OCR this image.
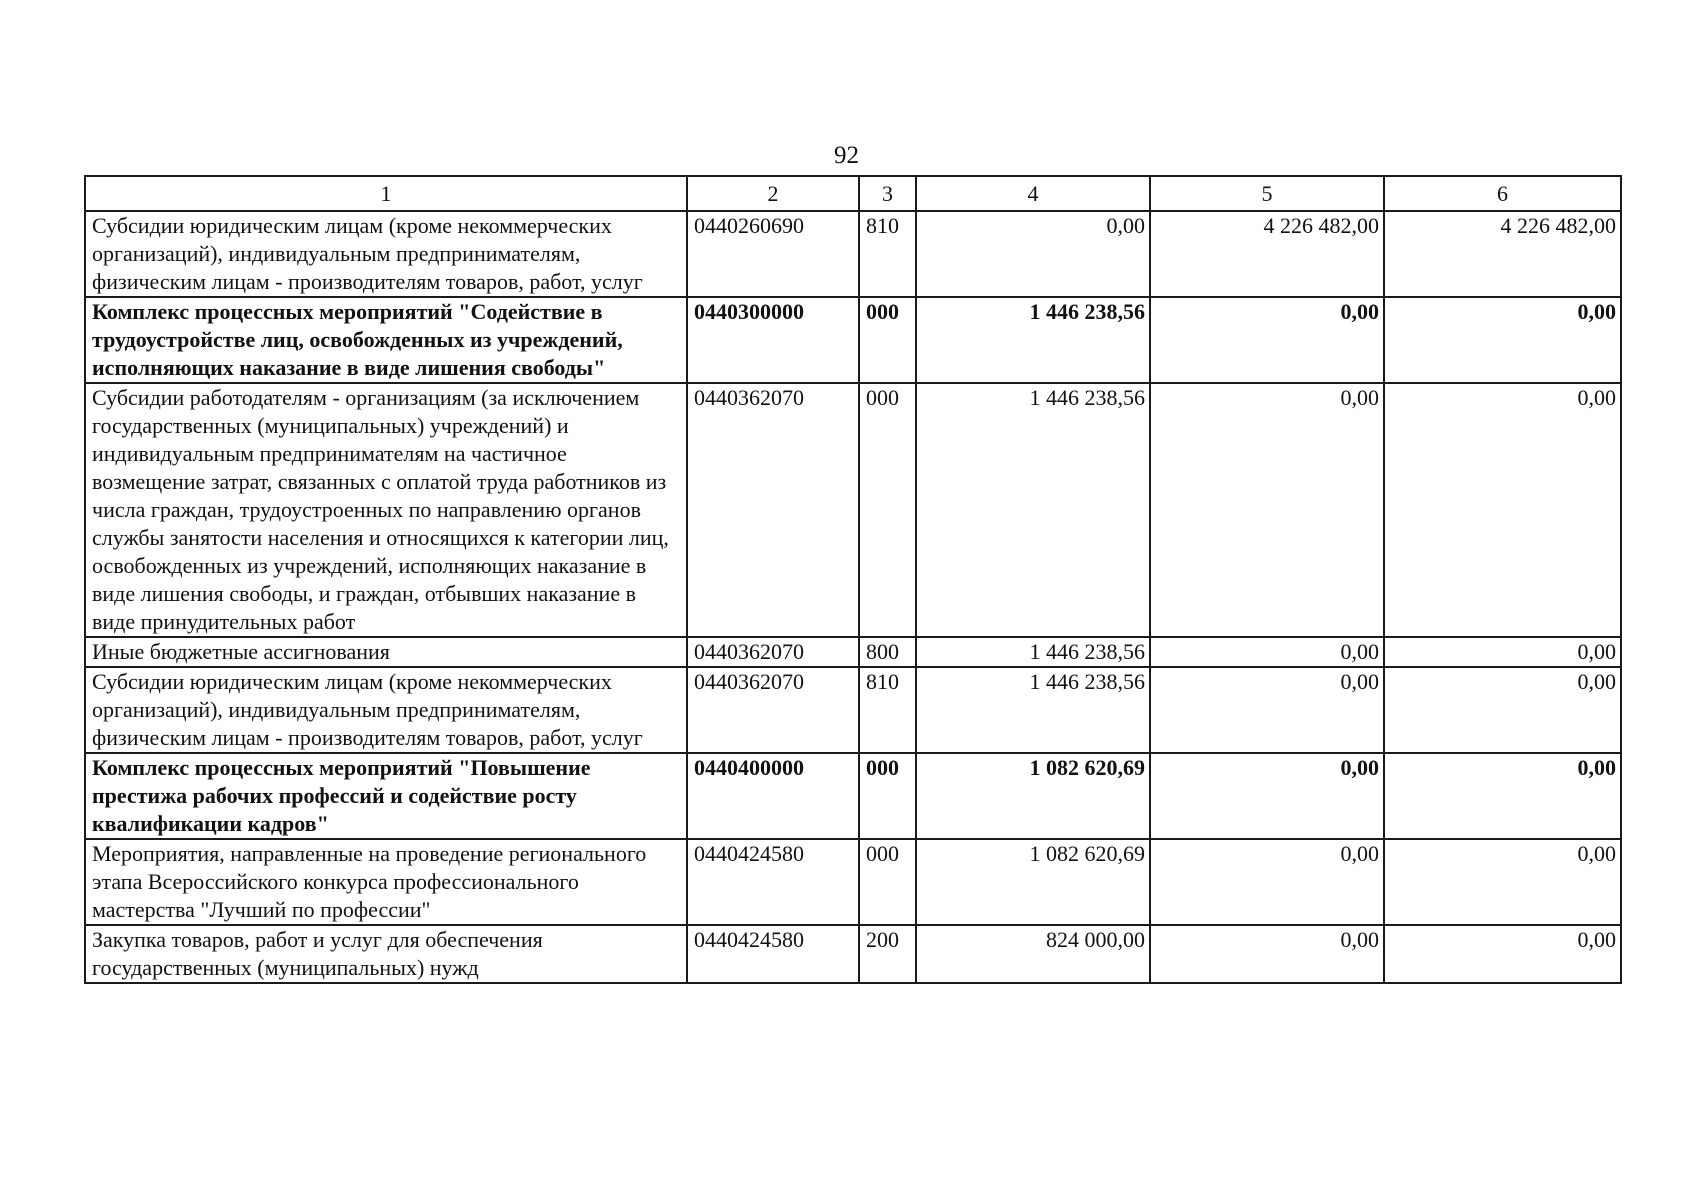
92
1	2	3	4	5	6
Субсидии юридическим лицам (кроме некоммерческих организаций), индивидуальным предпринимателям, физическим лицам - производителям товаров, работ, услуг	0440260690	810	0,00	4 226 482,00	4 226 482,00
Комплекс процессных мероприятий "Содействие в трудоустройстве лиц, освобожденных из учреждений, исполняющих наказание в виде лишения свободы"	0440300000	000	1 446 238,56	0,00	0,00
Субсидии работодателям - организациям (за исключением государственных (муниципальных) учреждений) и индивидуальным предпринимателям на частичное возмещение затрат, связанных с оплатой труда работников из числа граждан, трудоустроенных по направлению органов службы занятости населения и относящихся к категории лиц, освобожденных из учреждений, исполняющих наказание в виде лишения свободы, и граждан, отбывших наказание в виде принудительных работ	0440362070	000	1 446 238,56	0,00	0,00
Иные бюджетные ассигнования	0440362070	800	1 446 238,56	0,00	0,00
Субсидии юридическим лицам (кроме некоммерческих организаций), индивидуальным предпринимателям, физическим лицам - производителям товаров, работ, услуг	0440362070	810	1 446 238,56	0,00	0,00
Комплекс процессных мероприятий "Повышение престижа рабочих профессий и содействие росту квалификации кадров"	0440400000	000	1 082 620,69	0,00	0,00
Мероприятия, направленные на проведение регионального этапа Всероссийского конкурса профессионального мастерства "Лучший по профессии"	0440424580	000	1 082 620,69	0,00	0,00
Закупка товаров, работ и услуг для обеспечения государственных (муниципальных) нужд	0440424580	200	824 000,00	0,00	0,00
